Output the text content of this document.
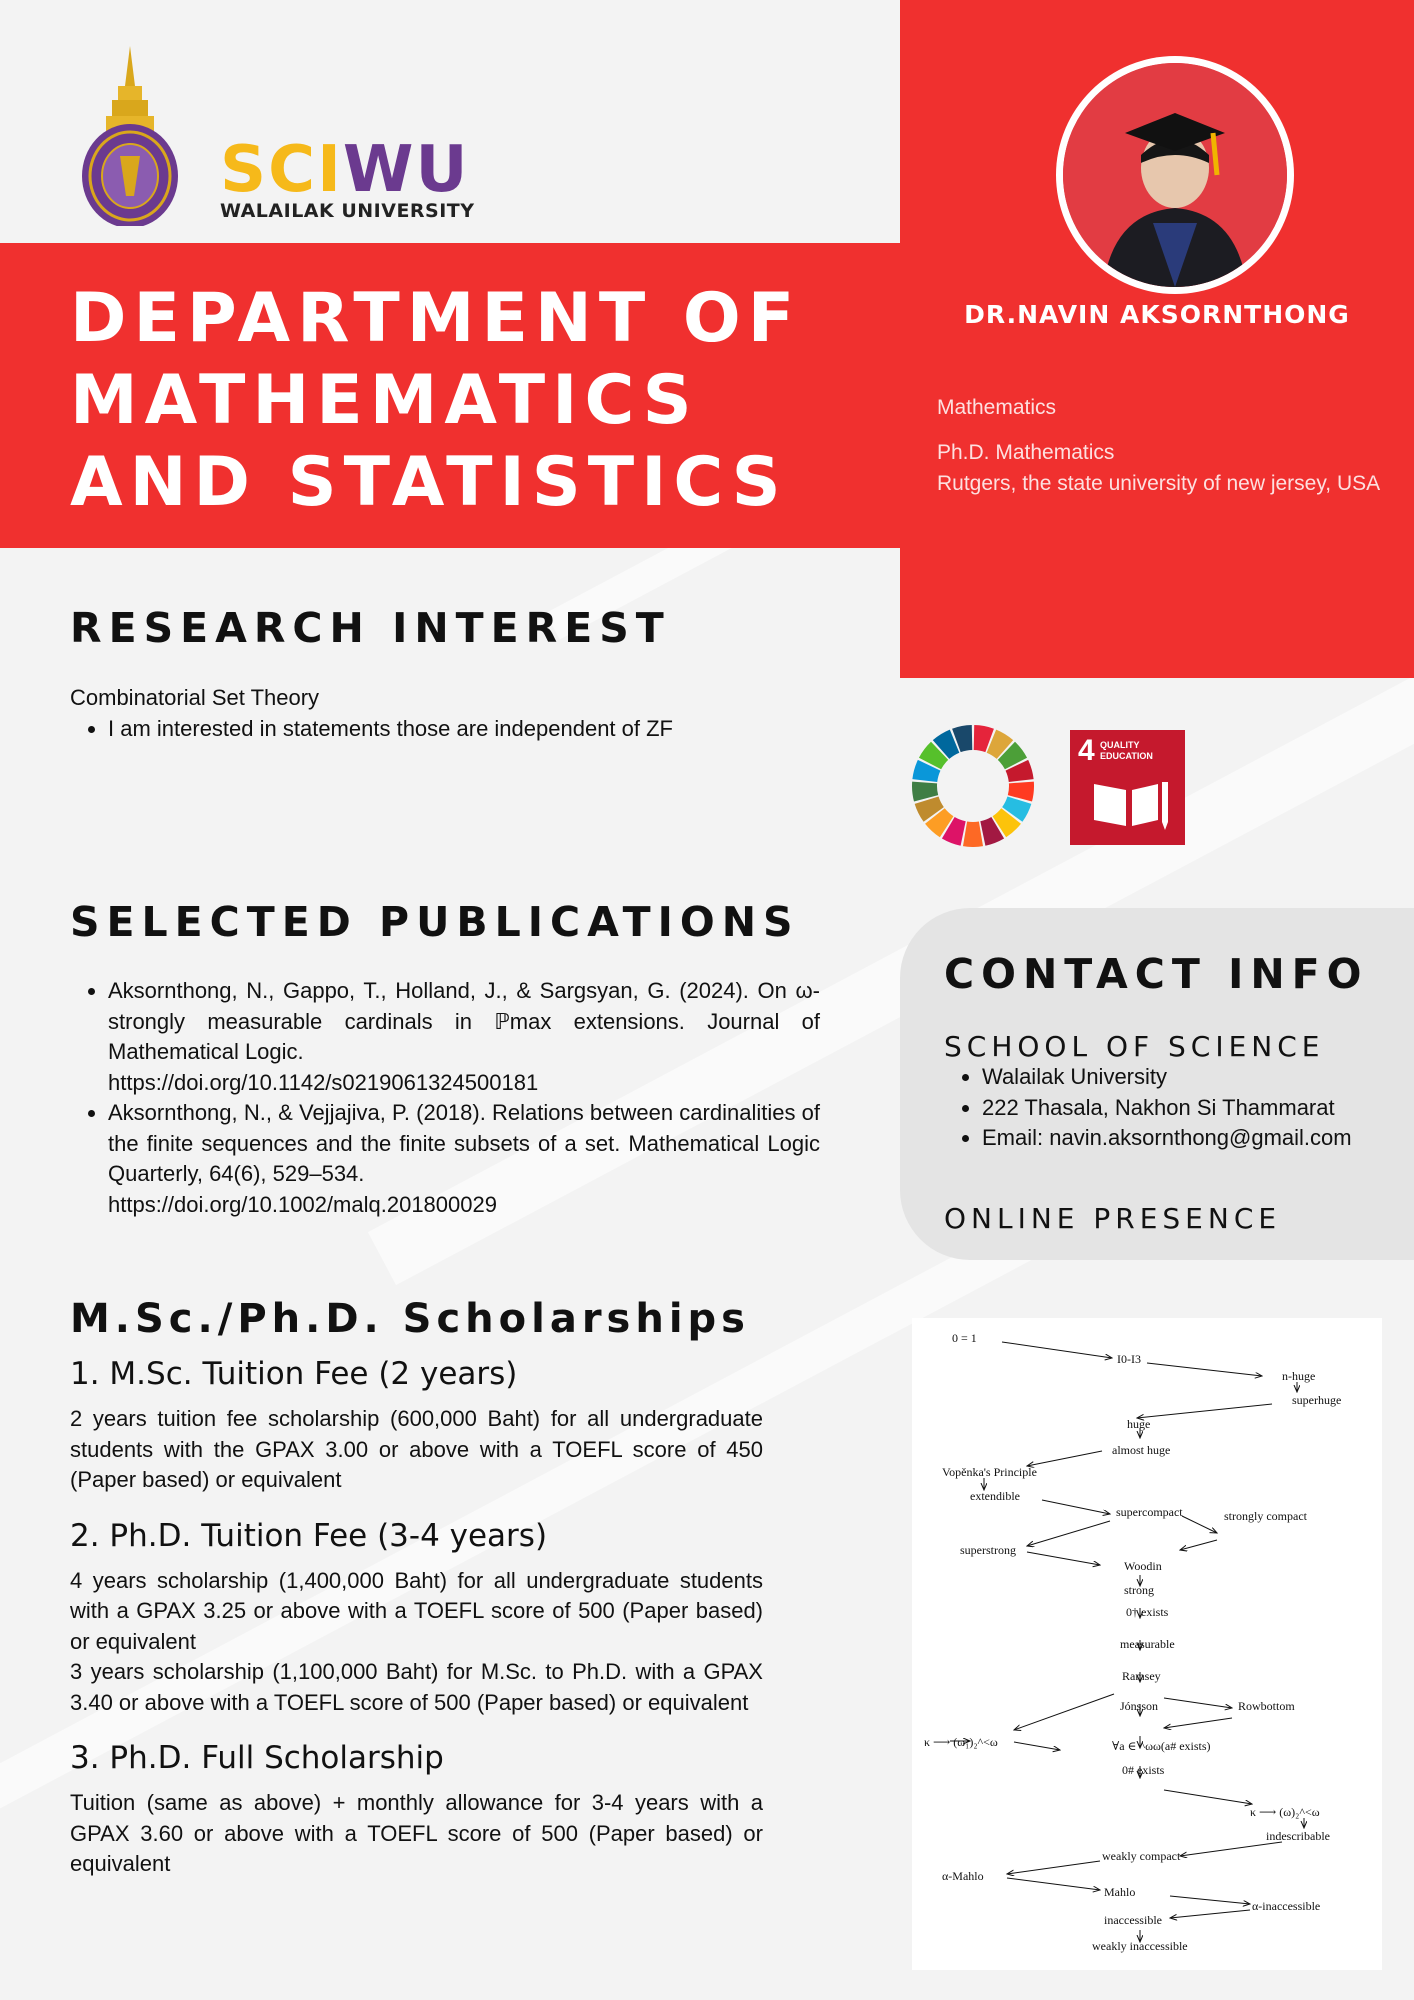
SCIWU
WALAILAK UNIVERSITY
DEPARTMENT OF
MATHEMATICS
AND STATISTICS
DR.NAVIN AKSORNTHONG
Mathematics
Ph.D. Mathematics
Rutgers, the state university of new jersey, USA
RESEARCH INTEREST
Combinatorial Set Theory
• I am interested in statements those are independent of ZF
4 QUALITY
EDUCATION
SELECTED PUBLICATIONS
• Aksornthong, N., Gappo, T., Holland, J., & Sargsyan, G. (2024). On ω-strongly measurable cardinals in ℙmax extensions. Journal of Mathematical Logic.
https://doi.org/10.1142/s0219061324500181
• Aksornthong, N., & Vejjajiva, P. (2018). Relations between cardinalities of the finite sequences and the finite subsets of a set. Mathematical Logic Quarterly, 64(6), 529–534.
https://doi.org/10.1002/malq.201800029
CONTACT INFO
SCHOOL OF SCIENCE
• Walailak University
• 222 Thasala, Nakhon Si Thammarat
• Email: navin.aksornthong@gmail.com
ONLINE PRESENCE
M.Sc./Ph.D. Scholarships
1. M.Sc. Tuition Fee (2 years)
2 years tuition fee scholarship (600,000 Baht) for all undergraduate students with the GPAX 3.00 or above with a TOEFL score of 450 (Paper based) or equivalent
2. Ph.D. Tuition Fee (3-4 years)
4 years scholarship (1,400,000 Baht) for all undergraduate students with a GPAX 3.25 or above with a TOEFL score of 500 (Paper based) or equivalent
3 years scholarship (1,100,000 Baht) for M.Sc. to Ph.D. with a GPAX 3.40 or above with a TOEFL score of 500 (Paper based) or equivalent
3. Ph.D. Full Scholarship
Tuition (same as above) + monthly allowance for 3-4 years with a GPAX 3.60 or above with a TOEFL score of 500 (Paper based) or equivalent
0 = 1
I0-I3
n-huge
superhuge
huge
almost huge
Vopěnka's Principle
extendible
supercompact	strongly compact
superstrong
Woodin
strong
0† exists
measurable
Ramsey
Rowbottom
Jónsson
κ ⟶ (ω₁)₂^<ω	∀a ∈ ^ωω(a# exists)
0# exists
κ ⟶ (ω)₂^<ω
indescribable
weakly compact
α-Mahlo
Mahlo
α-inaccessible
inaccessible
weakly inaccessible
